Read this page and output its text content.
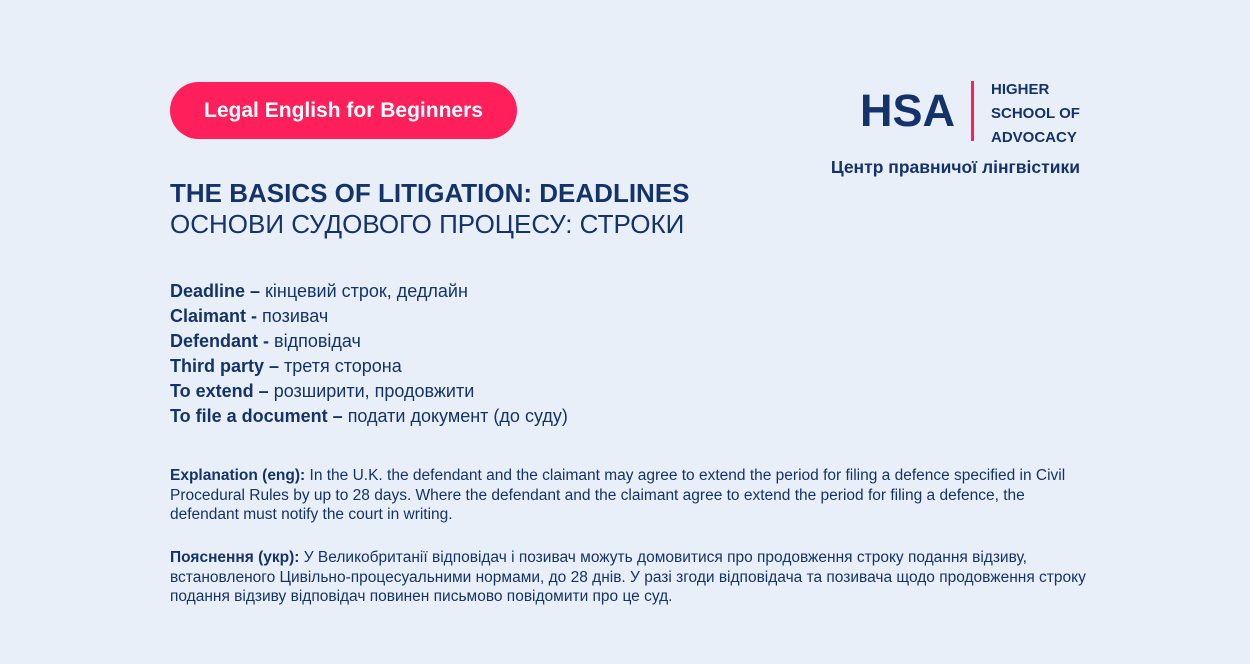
Legal English for Beginners	HSA HIGHER
SCHOOL OF
ADVOCACY
Центр правничої лінгвістики
THE BASICS OF LITIGATION: DEADLINES
ОСНОВИ СУДОВОГО ПРОЦЕСУ: СТРОКИ
Deadline – кінцевий строк, дедлайн
Claimant - позивач
Defendant - відповідач
Third party – третя сторона
To extend – розширити, продовжити
To file a document – подати документ (до суду)

Explanation (eng): In the U.K. the defendant and the claimant may agree to extend the period for filing a defence specified in Civil Procedural Rules by up to 28 days. Where the defendant and the claimant agree to extend the period for filing a defence, the defendant must notify the court in writing.

Пояснення (укр): У Великобританії відповідач і позивач можуть домовитися про продовження строку подання відзиву, встановленого Цивільно-процесуальними нормами, до 28 днів. У разі згоди відповідача та позивача щодо продовження строку подання відзиву відповідач повинен письмово повідомити про це суд.
